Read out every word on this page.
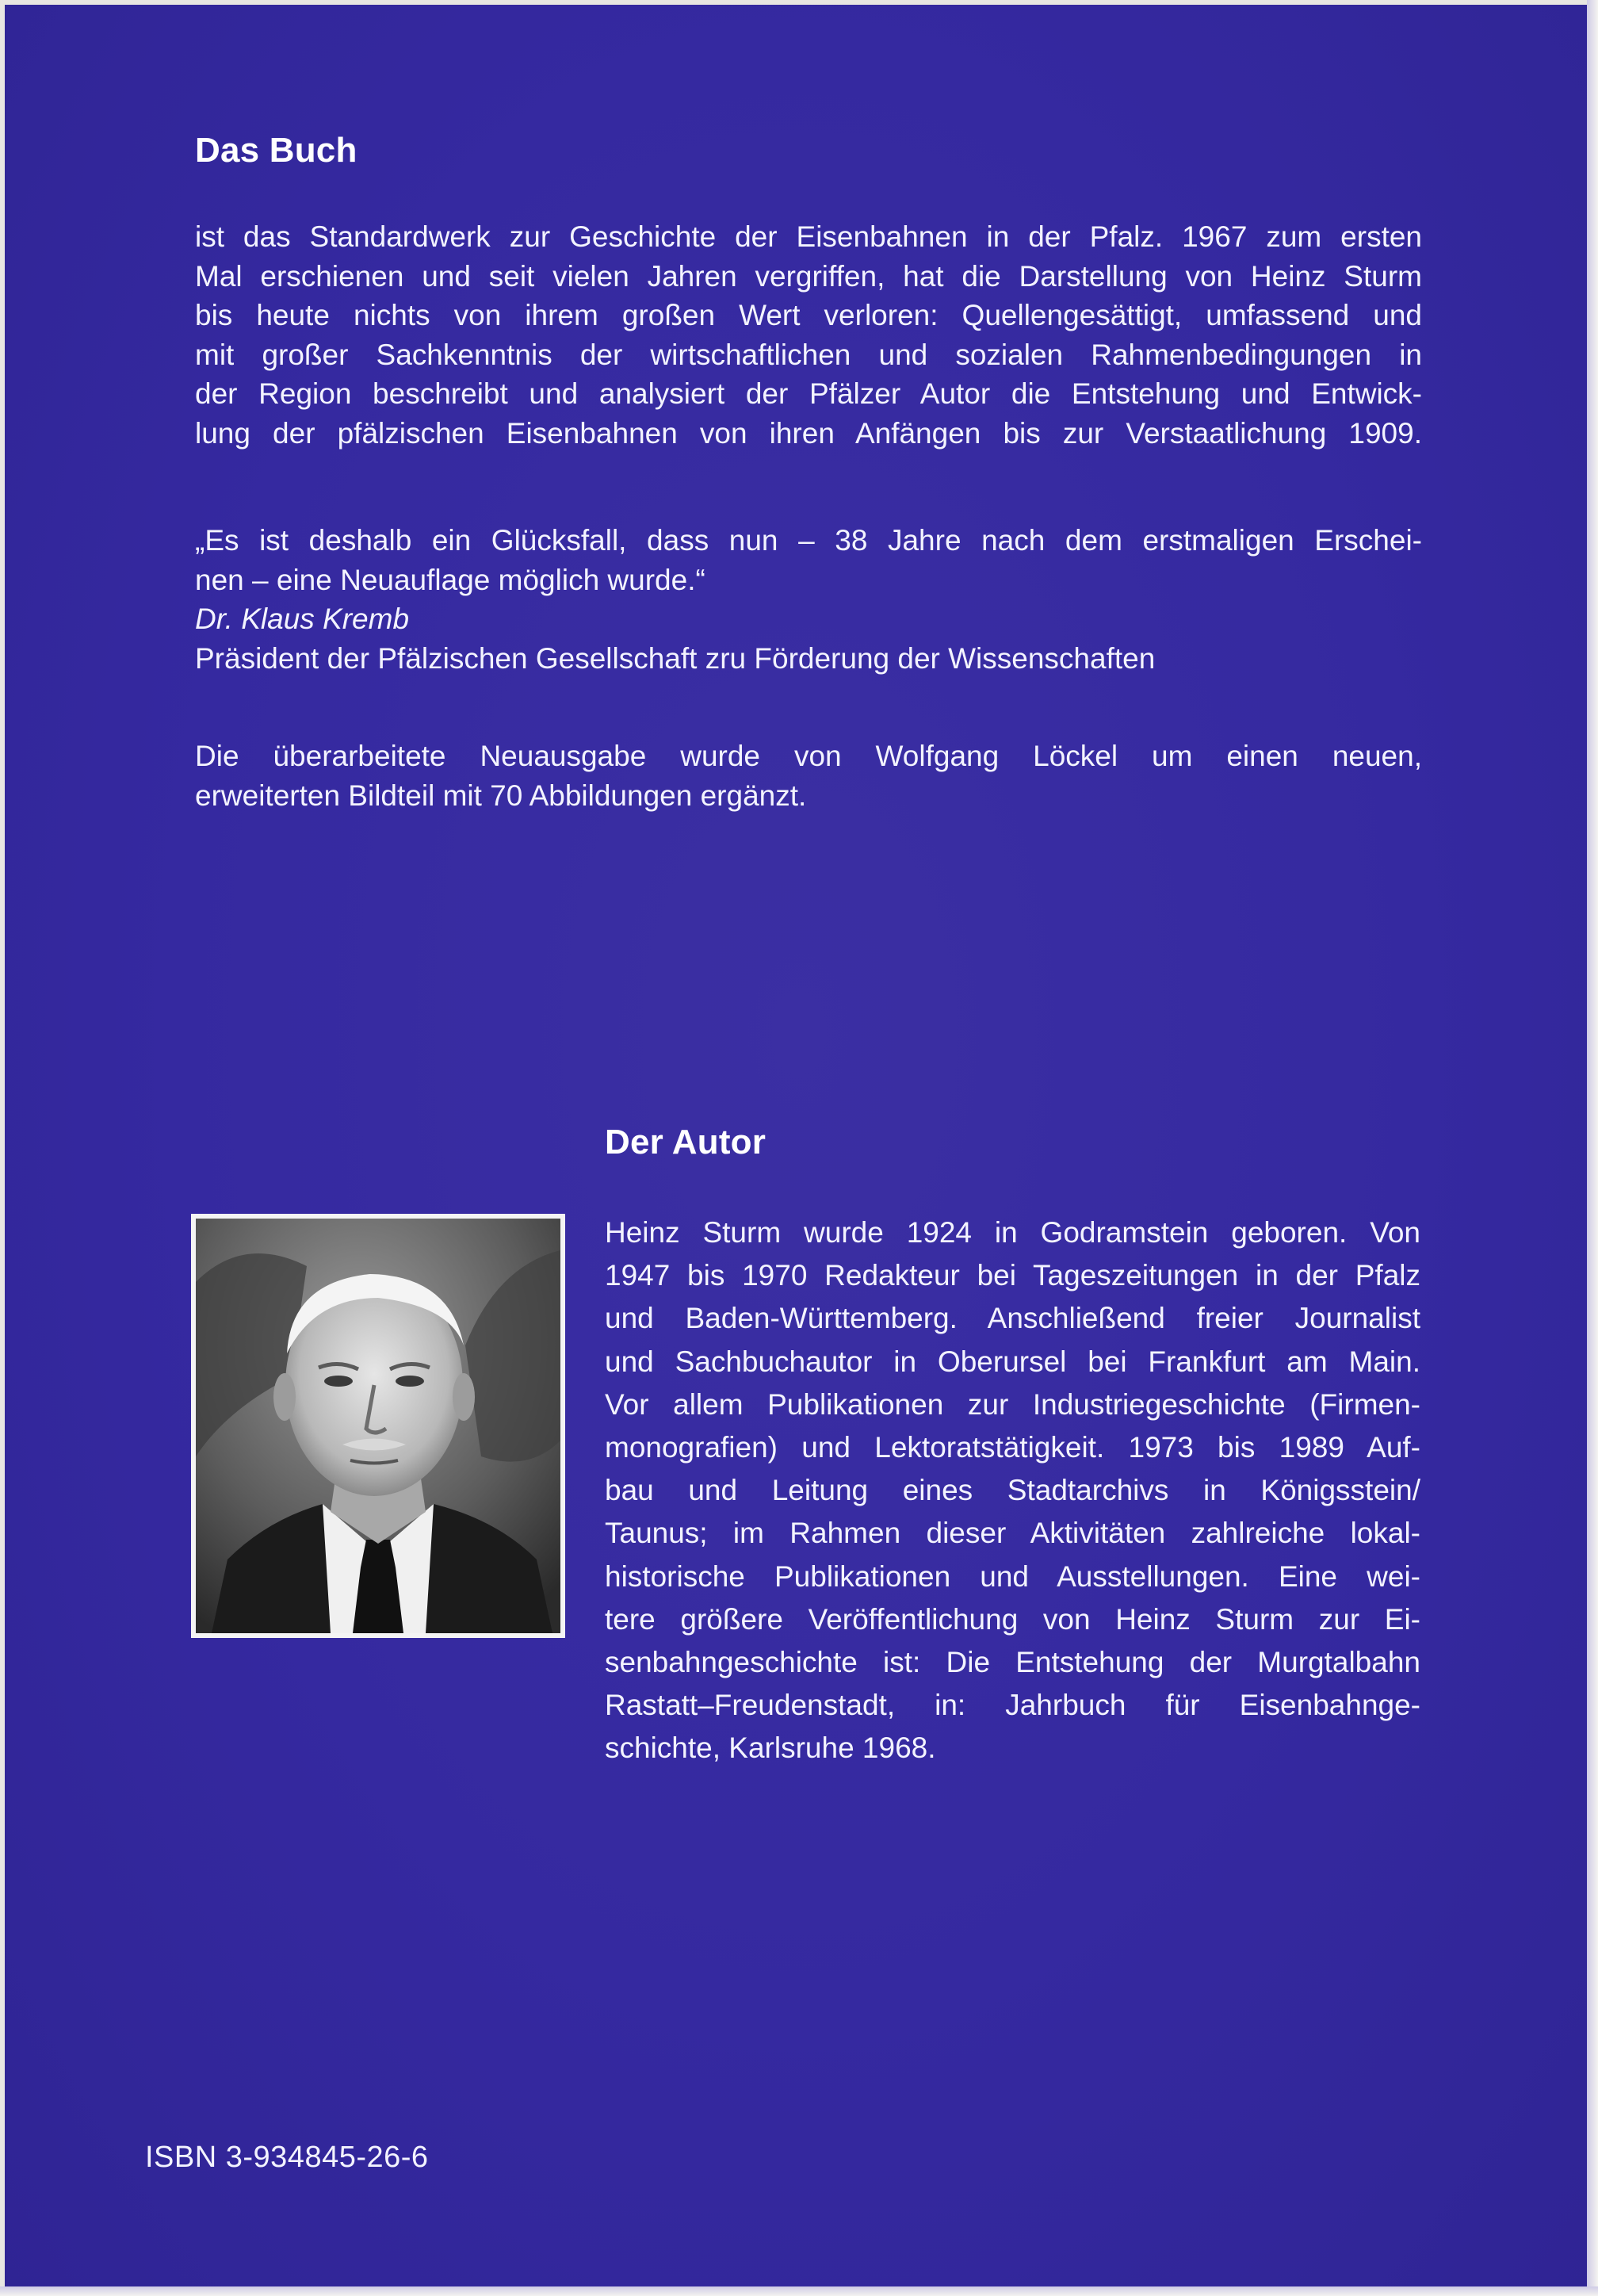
Das Buch
ist das Standardwerk zur Geschichte der Eisenbahnen in der Pfalz. 1967 zum ersten
Mal erschienen und seit vielen Jahren vergriffen, hat die Darstellung von Heinz Sturm
bis heute nichts von ihrem großen Wert verloren: Quellengesättigt, umfassend und
mit großer Sachkenntnis der wirtschaftlichen und sozialen Rahmenbedingungen in
der Region beschreibt und analysiert der Pfälzer Autor die Entstehung und Entwick-
lung der pfälzischen Eisenbahnen von ihren Anfängen bis zur Verstaatlichung 1909.
„Es ist deshalb ein Glücksfall, dass nun – 38 Jahre nach dem erstmaligen Erschei-
nen – eine Neuauflage möglich wurde.“
Dr. Klaus Kremb
Präsident der Pfälzischen Gesellschaft zru Förderung der Wissenschaften
Die überarbeitete Neuausgabe wurde von Wolfgang Löckel um einen neuen,
erweiterten Bildteil mit 70 Abbildungen ergänzt.
Der Autor
Heinz Sturm wurde 1924 in Godramstein geboren. Von
1947 bis 1970 Redakteur bei Tageszeitungen in der Pfalz
und Baden-Württemberg. Anschließend freier Journalist
und Sachbuchautor in Oberursel bei Frankfurt am Main.
Vor allem Publikationen zur Industriegeschichte (Firmen-
monografien) und Lektoratstätigkeit. 1973 bis 1989 Auf-
bau und Leitung eines Stadtarchivs in Königsstein/
Taunus; im Rahmen dieser Aktivitäten zahlreiche lokal-
historische Publikationen und Ausstellungen. Eine wei-
tere größere Veröffentlichung von Heinz Sturm zur Ei-
senbahngeschichte ist: Die Entstehung der Murgtalbahn
Rastatt–Freudenstadt, in: Jahrbuch für Eisenbahnge-
schichte, Karlsruhe 1968.
ISBN 3-934845-26-6
